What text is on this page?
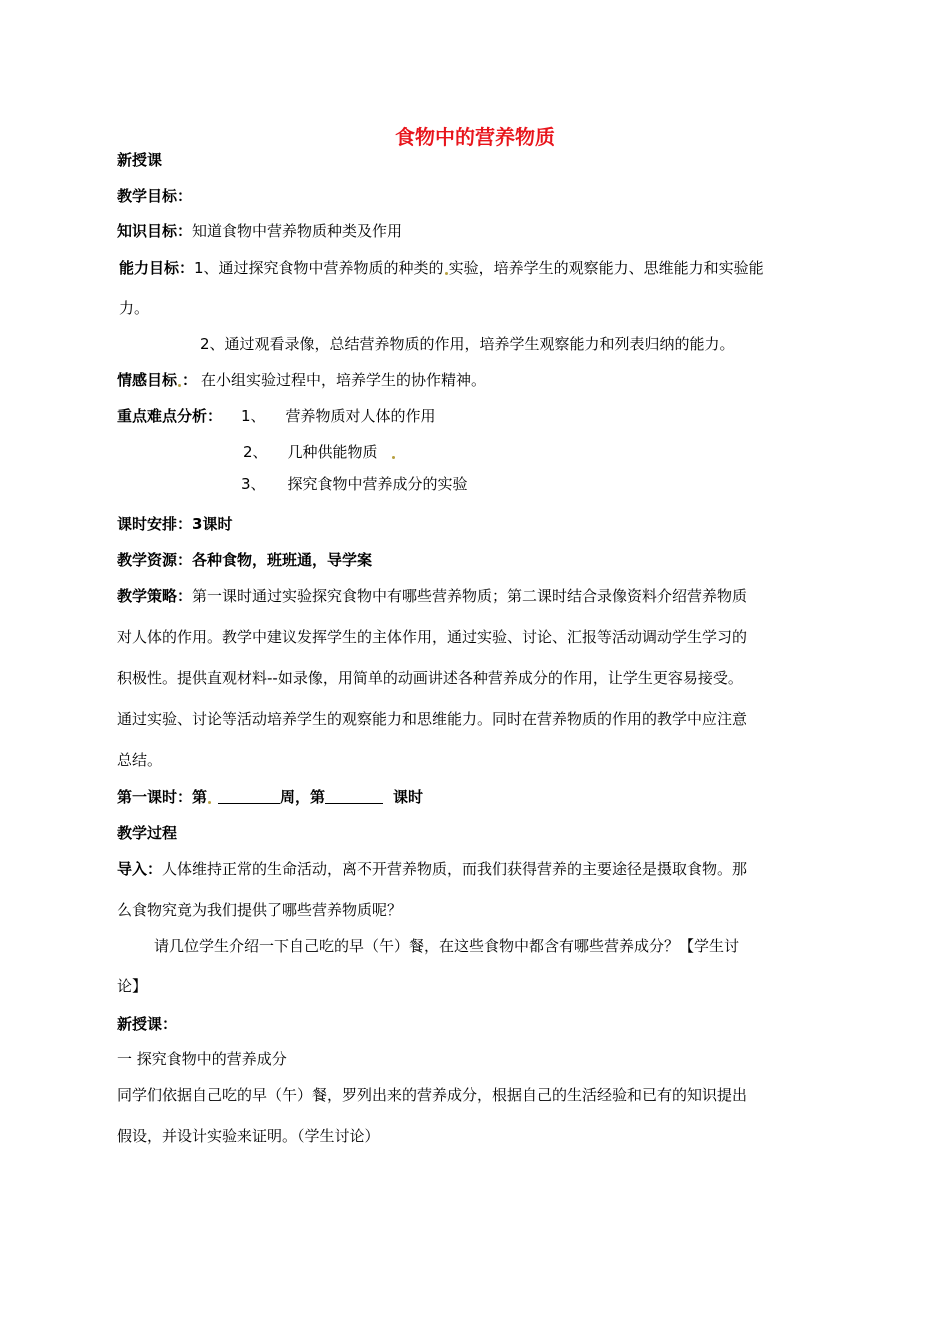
食物中的营养物质
新授课
教学目标：
知识目标：知道食物中营养物质种类及作用
能力目标：1、通过探究食物中营养物质的种类的 实验，培养学生的观察能力、思维能力和实验能
力。
2、通过观看录像，总结营养物质的作用，培养学生观察能力和列表归纳的能力。
情感目标 ： 在小组实验过程中，培养学生的协作精神。
重点难点分析： 1、 营养物质对人体的作用
2、 几种供能物质
3、 探究食物中营养成分的实验
课时安排：3课时
教学资源：各种食物，班班通，导学案
教学策略：第一课时通过实验探究食物中有哪些营养物质；第二课时结合录像资料介绍营养物质
对人体的作用。教学中建议发挥学生的主体作用，通过实验、讨论、汇报等活动调动学生学习的
积极性。提供直观材料--如录像，用简单的动画讲述各种营养成分的作用，让学生更容易接受。
通过实验、讨论等活动培养学生的观察能力和思维能力。同时在营养物质的作用的教学中应注意
总结。
第一课时：第	周，第	课时
教学过程
导入：人体维持正常的生命活动，离不开营养物质，而我们获得营养的主要途径是摄取食物。那
么食物究竟为我们提供了哪些营养物质呢？
请几位学生介绍一下自己吃的早（午）餐，在这些食物中都含有哪些营养成分？【学生讨
论】
新授课：
一 探究食物中的营养成分
同学们依据自己吃的早（午）餐，罗列出来的营养成分，根据自己的生活经验和已有的知识提出
假设，并设计实验来证明。（学生讨论）
